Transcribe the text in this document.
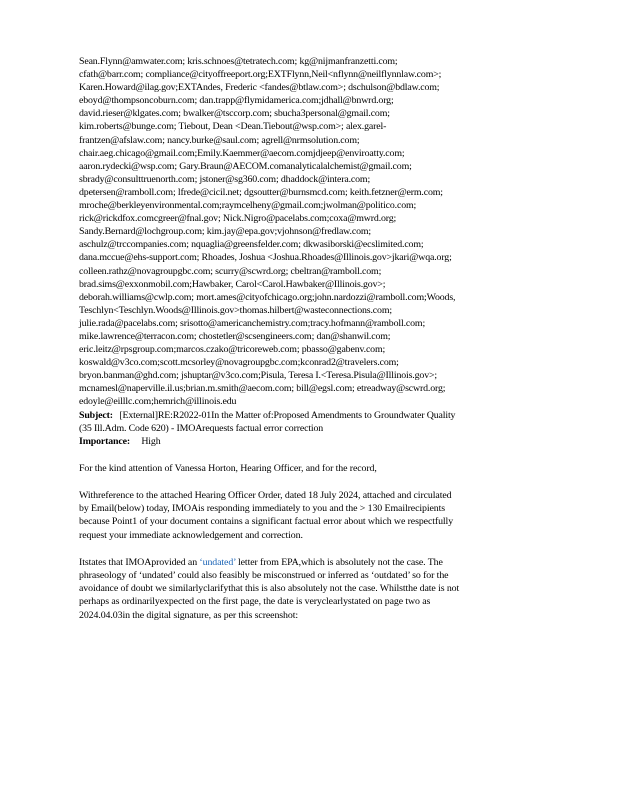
Sean.Flynn@amwater.com; kris.schnoes@tetratech.com; kg@nijmanfranzetti.com;
cfath@barr.com; compliance@cityoffreeport.org;EXTFlynn,Neil<nflynn@neilflynnlaw.com>;
Karen.Howard@ilag.gov;EXTAndes, Frederic <fandes@btlaw.com>; dschulson@bdlaw.com;
eboyd@thompsoncoburn.com; dan.trapp@flymidamerica.com;jdhall@bnwrd.org;
david.rieser@klgates.com; bwalker@tsccorp.com; sbucha3personal@gmail.com;
kim.roberts@bunge.com; Tiebout, Dean <Dean.Tiebout@wsp.com>; alex.garel-
frantzen@afslaw.com; nancy.burke@saul.com; agrell@nrmsolution.com;
chair.aeg.chicago@gmail.com;Emily.Kaemmer@aecom.comjdjeep@enviroatty.com;
aaron.rydecki@wsp.com; Gary.Braun@AECOM.comanalyticalalchemist@gmail.com;
sbrady@consulttruenorth.com; jstoner@sg360.com; dhaddock@intera.com;
dpetersen@ramboll.com; lfrede@cicil.net; dgsoutter@burnsmcd.com; keith.fetzner@erm.com;
mroche@berkleyenvironmental.com;raymcelheny@gmail.com;jwolman@politico.com;
rick@rickdfox.comcgreer@fnal.gov; Nick.Nigro@pacelabs.com;coxa@mwrd.org;
Sandy.Bernard@lochgroup.com; kim.jay@epa.gov;vjohnson@fredlaw.com;
aschulz@trccompanies.com; nquaglia@greensfelder.com; dkwasiborski@ecslimited.com;
dana.mccue@ehs-support.com; Rhoades, Joshua <Joshua.Rhoades@Illinois.gov>jkari@wqa.org;
colleen.rathz@novagroupgbc.com; scurry@scwrd.org; cbeltran@ramboll.com;
brad.sims@exxonmobil.com;Hawbaker, Carol<Carol.Hawbaker@Illinois.gov>;
deborah.williams@cwlp.com; mort.ames@cityofchicago.org;john.nardozzi@ramboll.com;Woods,
Teschlyn<Teschlyn.Woods@Illinois.gov>thomas.hilbert@wasteconnections.com;
julie.rada@pacelabs.com; srisotto@americanchemistry.com;tracy.hofmann@ramboll.com;
mike.lawrence@terracon.com; chostetler@scsengineers.com; dan@shanwil.com;
eric.leitz@rpsgroup.com;marcos.czako@tricoreweb.com; pbasso@gabenv.com;
koswald@v3co.com;scott.mcsorley@novagroupgbc.com;kconrad2@travelers.com;
bryon.banman@ghd.com; jshuptar@v3co.com;Pisula, Teresa I.<Teresa.Pisula@Illinois.gov>;
mcnamesl@naperville.il.us;brian.m.smith@aecom.com; bill@egsl.com; etreadway@scwrd.org;
edoyle@eilllc.com;hemrich@illinois.edu
Subject: [External]RE:R2022-01In the Matter of:Proposed Amendments to Groundwater Quality
(35 Ill.Adm. Code 620) - IMOArequests factual error correction
Importance: High

For the kind attention of Vanessa Horton, Hearing Officer, and for the record,

Withreference to the attached Hearing Officer Order, dated 18 July 2024, attached and circulated
by Email(below) today, IMOAis responding immediately to you and the > 130 Emailrecipients
because Point1 of your document contains a significant factual error about which we respectfully
request your immediate acknowledgement and correction.
Itstates that IMOAprovided an ‘undated’ letter from EPA,which is absolutely not the case. The
phraseology of ‘undated’ could also feasibly be misconstrued or inferred as ‘outdated’ so for the
avoidance of doubt we similarlyclarifythat this is also absolutely not the case. Whilstthe date is not
perhaps as ordinarilyexpected on the first page, the date is veryclearlystated on page two as
2024.04.03in the digital signature, as per this screenshot:
